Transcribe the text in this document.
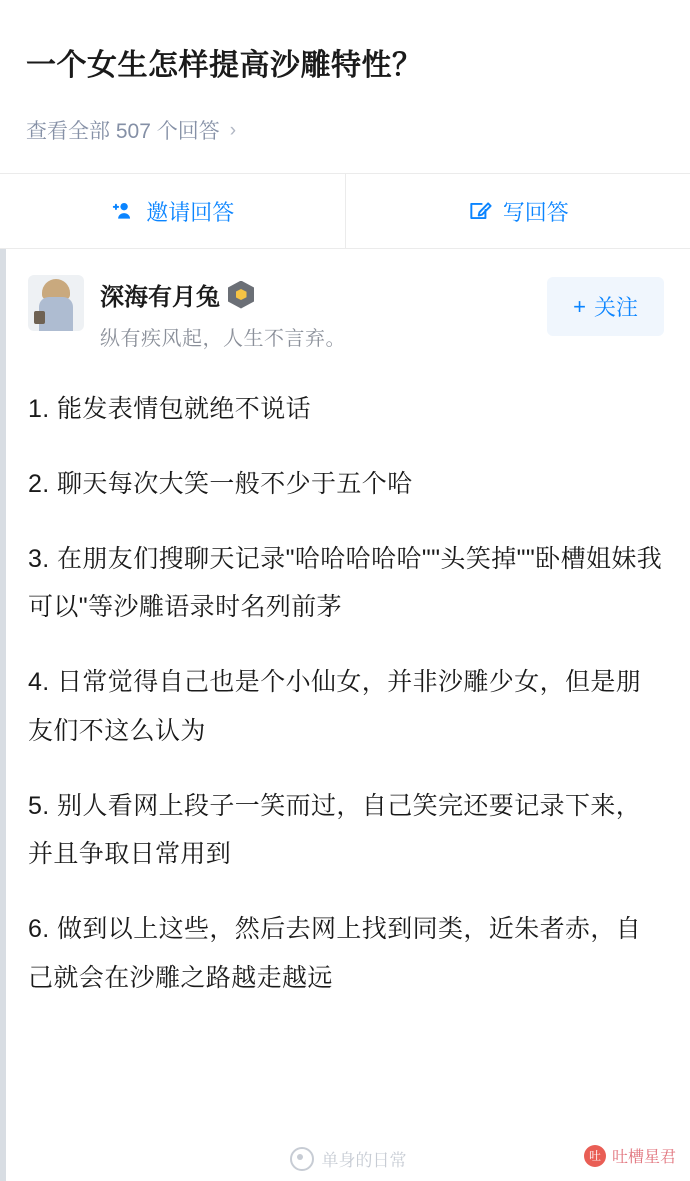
一个女生怎样提高沙雕特性？
查看全部 507 个回答 ›
邀请回答	写回答
深海有月兔
纵有疾风起，人生不言弃。
+ 关注

1. 能发表情包就绝不说话

2. 聊天每次大笑一般不少于五个哈

3. 在朋友们搜聊天记录"哈哈哈哈哈""头笑掉""卧槽姐妹我可以"等沙雕语录时名列前茅

4. 日常觉得自己也是个小仙女，并非沙雕少女，但是朋友们不这么认为

5. 别人看网上段子一笑而过，自己笑完还要记录下来，并且争取日常用到

6. 做到以上这些，然后去网上找到同类，近朱者赤，自己就会在沙雕之路越走越远

单身的日常	吐 吐槽星君
